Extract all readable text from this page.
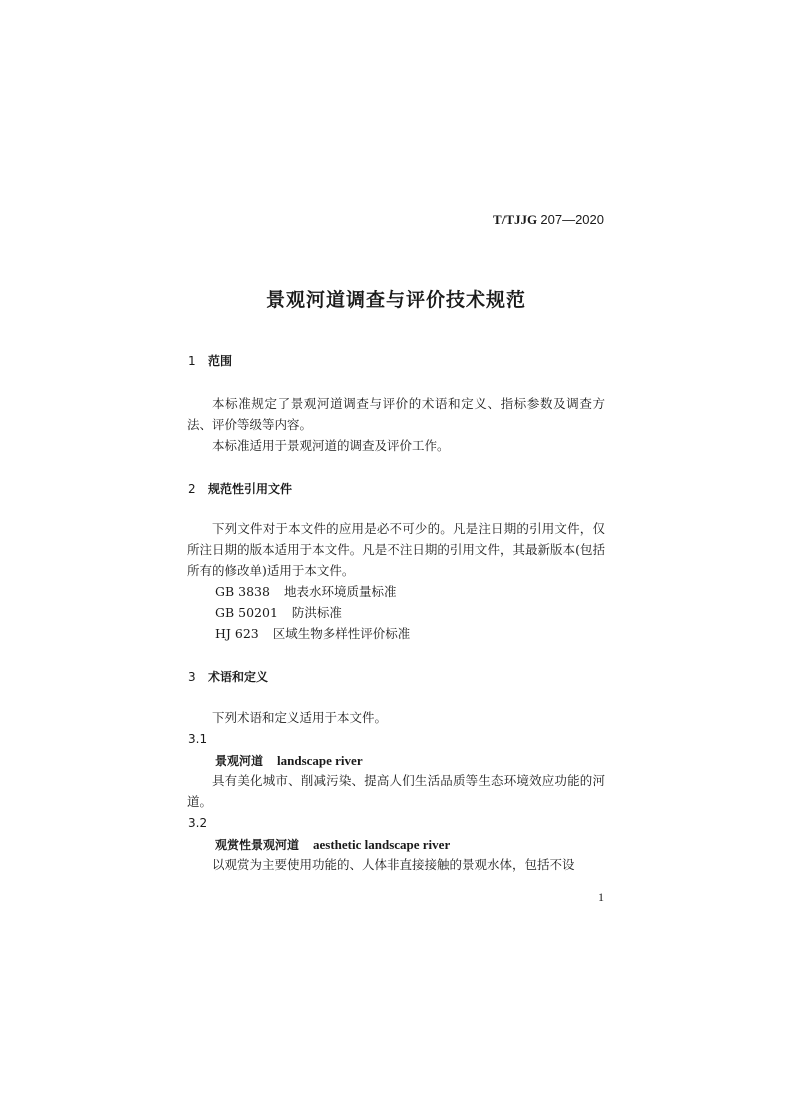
T/TJJG 207—2020
景观河道调查与评价技术规范
1 范围
本标准规定了景观河道调查与评价的术语和定义、指标参数及调查方法、评价等级等内容。
本标准适用于景观河道的调查及评价工作。
2 规范性引用文件
下列文件对于本文件的应用是必不可少的。凡是注日期的引用文件，仅所注日期的版本适用于本文件。凡是不注日期的引用文件，其最新版本(包括所有的修改单)适用于本文件。
GB 3838 地表水环境质量标准
GB 50201 防洪标准
HJ 623 区域生物多样性评价标准
3 术语和定义
下列术语和定义适用于本文件。
3.1
景观河道 landscape river
具有美化城市、削减污染、提高人们生活品质等生态环境效应功能的河道。
3.2
观赏性景观河道 aesthetic landscape river
以观赏为主要使用功能的、人体非直接接触的景观水体，包括不设
1
